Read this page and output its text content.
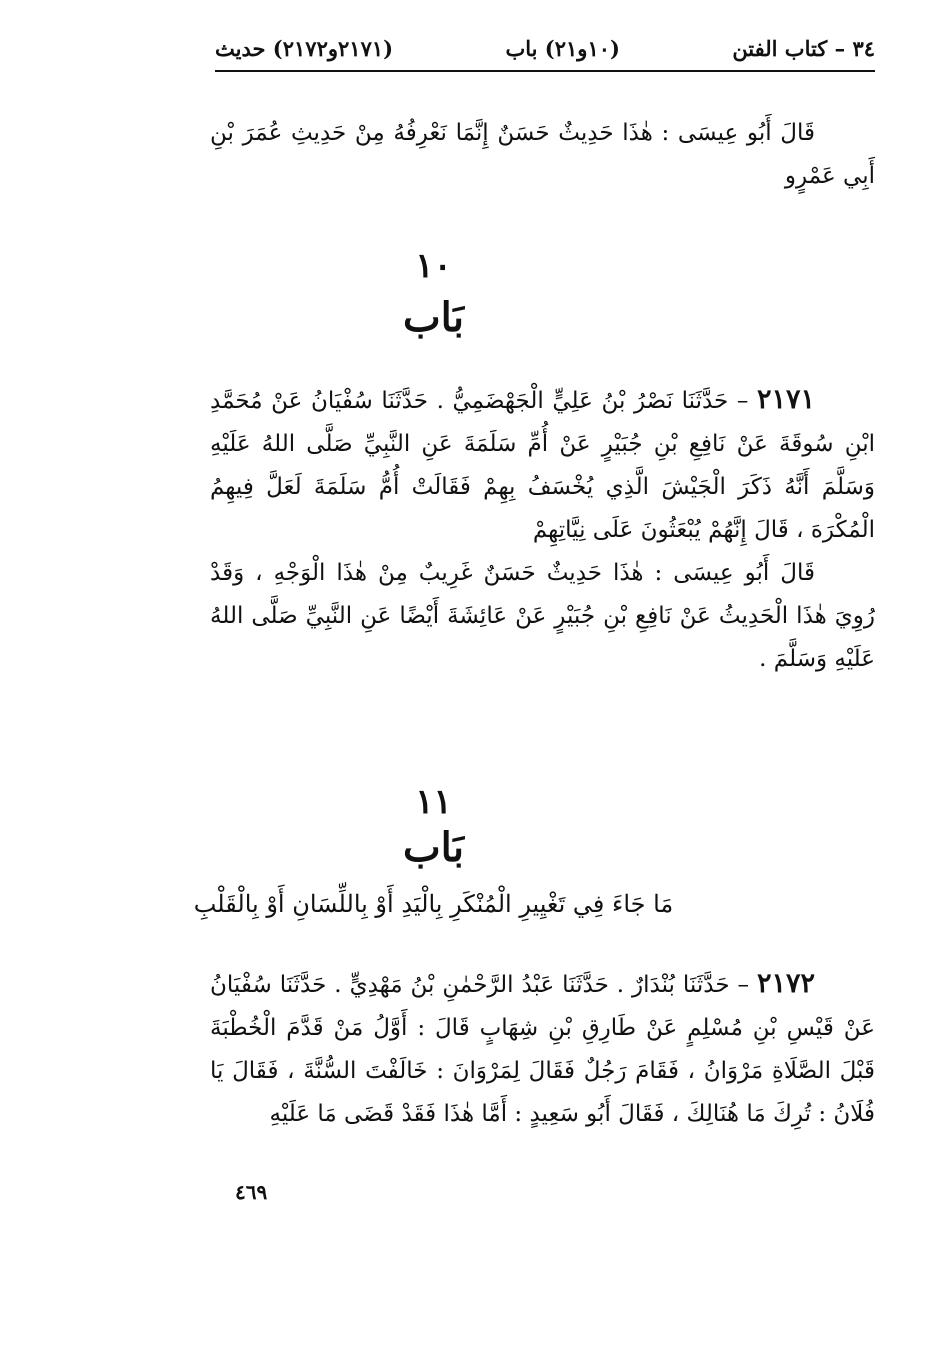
٣٤ – كتاب الفتن
(١٠و٢١) باب
(٢١٧١و٢١٧٢) حديث

قَالَ أَبُو عِيسَى : هٰذَا حَدِيثٌ حَسَنٌ إِنَّمَا نَعْرِفُهُ مِنْ حَدِيثِ عُمَرَ بْنِ أَبِي عَمْرٍو

١٠
بَاب

٢١٧١ – حَدَّثَنَا نَصْرُ بْنُ عَلِيٍّ الْجَهْضَمِيُّ . حَدَّثَنَا سُفْيَانُ عَنْ مُحَمَّدِ ابْنِ سُوقَةَ عَنْ نَافِعِ بْنِ جُبَيْرٍ عَنْ أُمِّ سَلَمَةَ عَنِ النَّبِيِّ صَلَّى اللهُ عَلَيْهِ وَسَلَّمَ أَنَّهُ ذَكَرَ الْجَيْشَ الَّذِي يُخْسَفُ بِهِمْ فَقَالَتْ أُمُّ سَلَمَةَ لَعَلَّ فِيهِمُ الْمُكْرَهَ ، قَالَ إِنَّهُمْ يُبْعَثُونَ عَلَى نِيَّاتِهِمْ

قَالَ أَبُو عِيسَى : هٰذَا حَدِيثٌ حَسَنٌ غَرِيبٌ مِنْ هٰذَا الْوَجْهِ ، وَقَدْ رُوِيَ هٰذَا الْحَدِيثُ عَنْ نَافِعِ بْنِ جُبَيْرٍ عَنْ عَائِشَةَ أَيْضًا عَنِ النَّبِيِّ صَلَّى اللهُ عَلَيْهِ وَسَلَّمَ .

١١
بَاب
مَا جَاءَ فِي تَغْيِيرِ الْمُنْكَرِ بِالْيَدِ أَوْ بِاللِّسَانِ أَوْ بِالْقَلْبِ

٢١٧٢ – حَدَّثَنَا بُنْدَارٌ . حَدَّثَنَا عَبْدُ الرَّحْمٰنِ بْنُ مَهْدِيٍّ . حَدَّثَنَا سُفْيَانُ عَنْ قَيْسِ بْنِ مُسْلِمٍ عَنْ طَارِقِ بْنِ شِهَابٍ قَالَ : أَوَّلُ مَنْ قَدَّمَ الْخُطْبَةَ قَبْلَ الصَّلَاةِ مَرْوَانُ ، فَقَامَ رَجُلٌ فَقَالَ لِمَرْوَانَ : خَالَفْتَ السُّنَّةَ ، فَقَالَ يَا فُلَانُ : تُرِكَ مَا هُنَالِكَ ، فَقَالَ أَبُو سَعِيدٍ : أَمَّا هٰذَا فَقَدْ قَضَى مَا عَلَيْهِ

٤٦٩
